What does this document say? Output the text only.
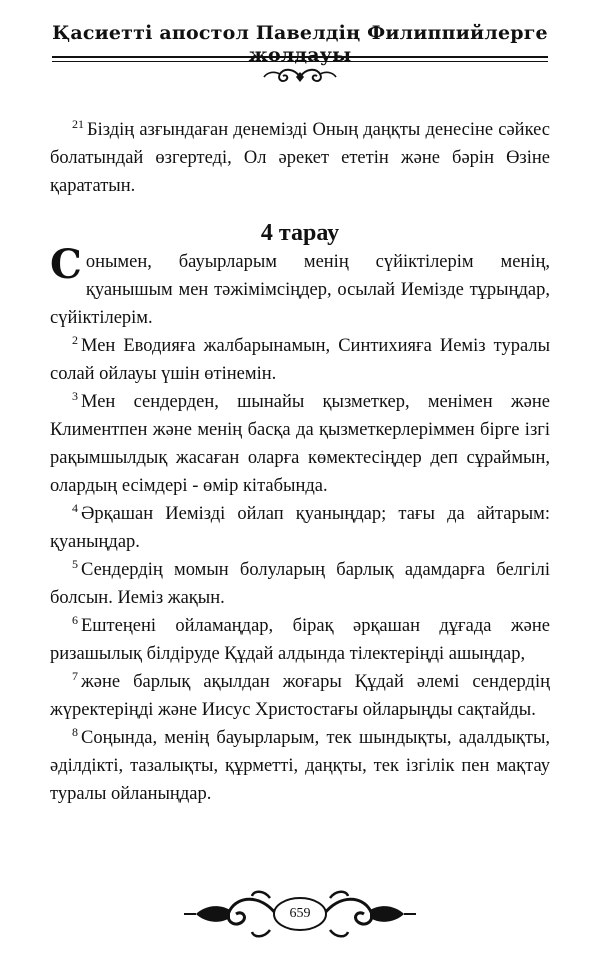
Қасиетті апостол Павелдің Филиппийлерге жолдауы

$^{21}$ Біздің азғындаған денемізді Оның даңқты денесіне сәйкес болатындай өзгертеді, Ол әрекет ететін және бәрін Өзіне қарататын.

4 тарау

Сонымен, бауырларым менің сүйіктілерім менің, қуанышым мен тәжімімсіңдер, осылай Иемізде тұрыңдар, сүйіктілерім.

$^2$ Мен Еводияға жалбарынамын, Синтихияға Иеміз туралы солай ойлауы үшін өтінемін.

$^3$ Мен сендерден, шынайы қызметкер, менімен және Климентпен және менің басқа да қызметкерлеріммен бірге ізгі рақымшылдық жасаған оларға көмектесіңдер деп сұраймын, олардың есімдері - өмір кітабында.

$^4$ Әрқашан Иемізді ойлап қуаныңдар; тағы да айтарым: қуаныңдар.

$^5$ Сендердің момын болуларың барлық адамдарға белгілі болсын. Иеміз жақын.

$^6$ Ештеңені ойламаңдар, бірақ әрқашан дұғада және ризашылық білдіруде Құдай алдында тілектеріңді ашыңдар,

$^7$ және барлық ақылдан жоғары Құдай әлемі сендердің жүректеріңді және Иисус Христостағы ойларыңды сақтайды.

$^8$ Соңында, менің бауырларым, тек шындықты, адалдықты, әділдікті, тазалықты, құрметті, даңқты, тек ізгілік пен мақтау туралы ойланыңдар.

659
